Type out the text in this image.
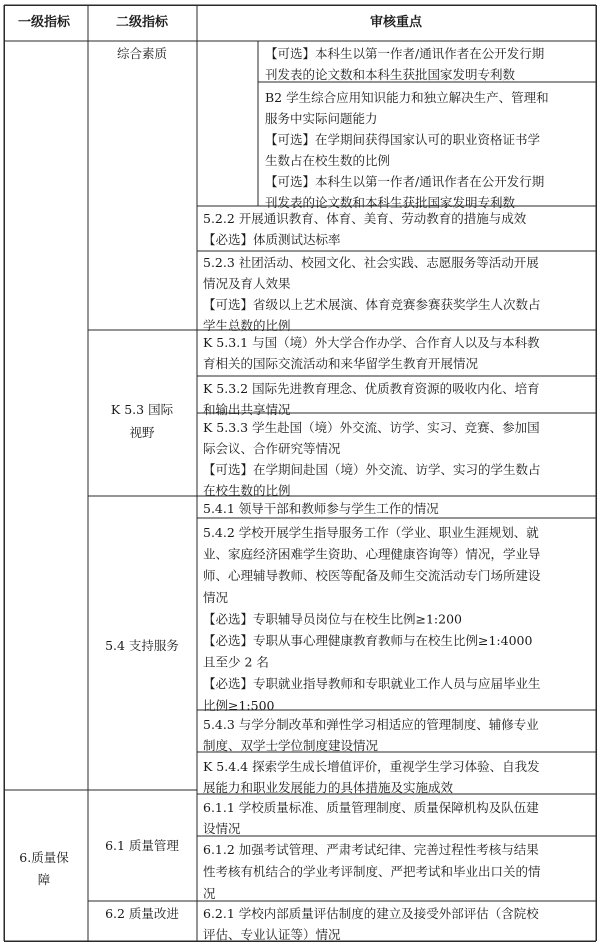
一级指标	二级指标	审核重点
6.质量保
障
综合素质
K 5.3 国际
视野
5.4 支持服务
6.1 质量管理
6.2 质量改进
【可选】本科生以第一作者/通讯作者在公开发行期
刊发表的论文数和本科生获批国家发明专利数
B2 学生综合应用知识能力和独立解决生产、管理和
服务中实际问题能力
【可选】在学期间获得国家认可的职业资格证书学
生数占在校生数的比例
【可选】本科生以第一作者/通讯作者在公开发行期
刊发表的论文数和本科生获批国家发明专利数
5.2.2 开展通识教育、体育、美育、劳动教育的措施与成效
【必选】体质测试达标率
5.2.3 社团活动、校园文化、社会实践、志愿服务等活动开展
情况及育人效果
【可选】省级以上艺术展演、体育竞赛参赛获奖学生人次数占
学生总数的比例
K 5.3.1 与国（境）外大学合作办学、合作育人以及与本科教
育相关的国际交流活动和来华留学生教育开展情况
K 5.3.2 国际先进教育理念、优质教育资源的吸收内化、培育
和输出共享情况
K 5.3.3 学生赴国（境）外交流、访学、实习、竞赛、参加国
际会议、合作研究等情况
【可选】在学期间赴国（境）外交流、访学、实习的学生数占
在校生数的比例
5.4.1 领导干部和教师参与学生工作的情况
5.4.2 学校开展学生指导服务工作（学业、职业生涯规划、就
业、家庭经济困难学生资助、心理健康咨询等）情况，学业导
师、心理辅导教师、校医等配备及师生交流活动专门场所建设
情况
【必选】专职辅导员岗位与在校生比例≥1:200
【必选】专职从事心理健康教育教师与在校生比例≥1:4000
且至少 2 名
【必选】专职就业指导教师和专职就业工作人员与应届毕业生
比例≥1:500
5.4.3 与学分制改革和弹性学习相适应的管理制度、辅修专业
制度、双学士学位制度建设情况
K 5.4.4 探索学生成长增值评价，重视学生学习体验、自我发
展能力和职业发展能力的具体措施及实施成效
6.1.1 学校质量标准、质量管理制度、质量保障机构及队伍建
设情况
6.1.2 加强考试管理、严肃考试纪律、完善过程性考核与结果
性考核有机结合的学业考评制度、严把考试和毕业出口关的情
况
6.2.1 学校内部质量评估制度的建立及接受外部评估（含院校
评估、专业认证等）情况
